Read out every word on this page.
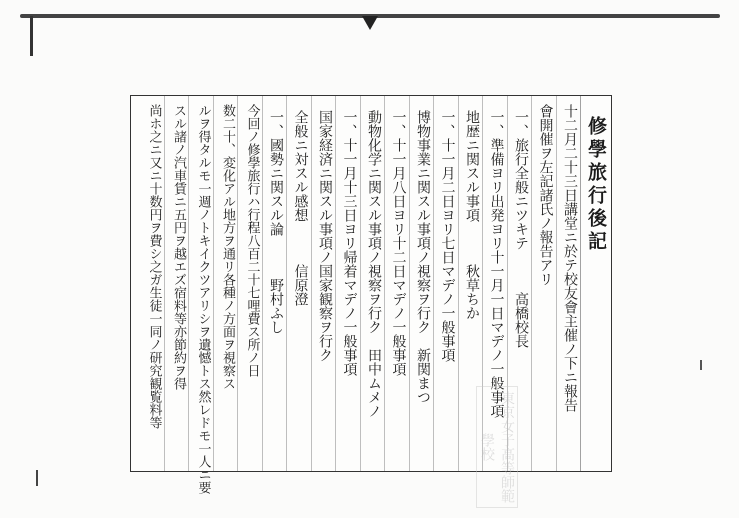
修學旅行後記
十二月二十三日講堂ニ於テ校友會主催ノ下ニ報告
會開催ヲ左記諸氏ノ報告アリ
一、旅行全般ニツキテ　　　高橋校長
一、準備ヨリ出発ヨリ十一月一日マデノ一般事項
地歴ニ関スル事項　　　秋草ちか
一、十一月二日ヨリ七日マデノ一般事項
博物事業ニ関スル事項ノ視察ヲ行ク　新関まつ
一、十一月八日ヨリ十二日マデノ一般事項
動物化学ニ関スル事項ノ視察ヲ行ク　田中ムメノ
一、十一月十三日ヨリ帰着マデノ一般事項
国家経済ニ関スル事項ノ国家観察ヲ行ク
全般ニ対スル感想　　　信原澄
一、國勢ニ関スル論　　　野村ふし
今回ノ修學旅行ハ行程八百二十七哩費ス所ノ日
数二十、変化アル地方ヲ通リ各種ノ方面ヲ視察ス
ルヲ得タルモ一週ノトキイクツアリシヲ遺憾トス然レドモ一人ニ要
スル諸ノ汽車賃ニ五円ヲ越エズ宿料等亦節約ヲ得
尚ホ之ニ又ニ十数円ヲ費シ之ガ生徒一同ノ研究観覧料等
東京女子高等師範學校
